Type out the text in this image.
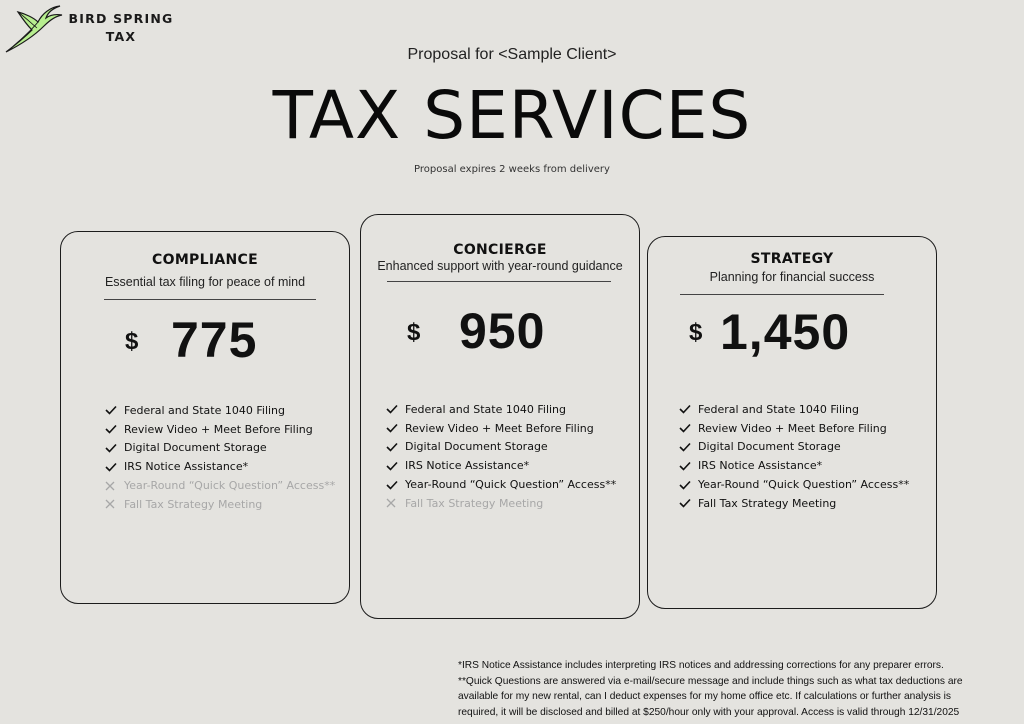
BIRD SPRING
TAX
Proposal for <Sample Client>
TAX SERVICES
Proposal expires 2 weeks from delivery
COMPLIANCE
Essential tax filing for peace of mind
$ 775
Federal and State 1040 Filing
Review Video + Meet Before Filing
Digital Document Storage
IRS Notice Assistance*
Year-Round “Quick Question” Access**
Fall Tax Strategy Meeting
CONCIERGE
Enhanced support with year-round guidance
$ 950
Federal and State 1040 Filing
Review Video + Meet Before Filing
Digital Document Storage
IRS Notice Assistance*
Year-Round “Quick Question” Access**
Fall Tax Strategy Meeting
STRATEGY
Planning for financial success
$ 1,450
Federal and State 1040 Filing
Review Video + Meet Before Filing
Digital Document Storage
IRS Notice Assistance*
Year-Round “Quick Question” Access**
Fall Tax Strategy Meeting

*IRS Notice Assistance includes interpreting IRS notices and addressing corrections for any preparer errors.

**Quick Questions are answered via e-mail/secure message and include things such as what tax deductions are available for my new rental, can I deduct expenses for my home office etc. If calculations or further analysis is required, it will be disclosed and billed at $250/hour only with your approval. Access is valid through 12/31/2025
